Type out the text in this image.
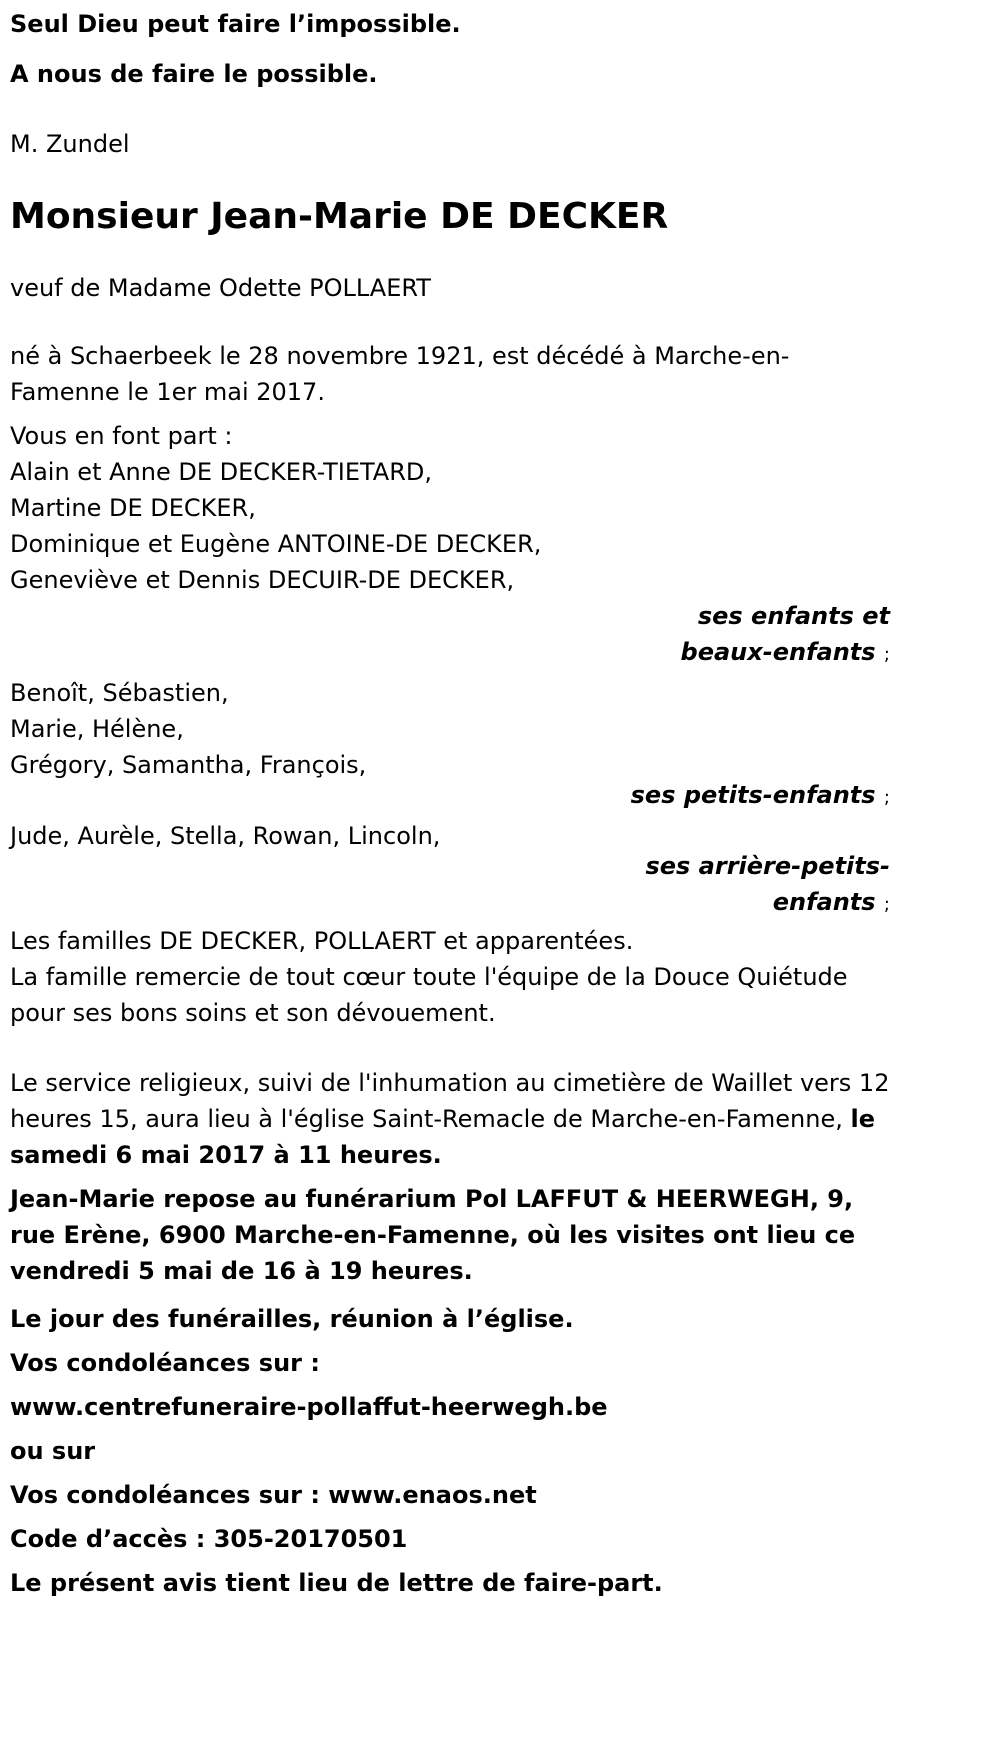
Seul Dieu peut faire l’impossible.

A nous de faire le possible.

M. Zundel

Monsieur Jean-Marie DE DECKER

veuf de Madame Odette POLLAERT

né à Schaerbeek le 28 novembre 1921, est décédé à Marche-en-Famenne le 1er mai 2017.

Vous en font part :

Alain et Anne DE DECKER-TIETARD,
Martine DE DECKER,
Dominique et Eugène ANTOINE-DE DECKER,
Geneviève et Dennis DECUIR-DE DECKER,
ses enfants et
beaux-enfants ;
Benoît, Sébastien,
Marie, Hélène,
Grégory, Samantha, François,
ses petits-enfants ;
Jude, Aurèle, Stella, Rowan, Lincoln,
ses arrière-petits-
enfants ;

Les familles DE DECKER, POLLAERT et apparentées.

La famille remercie de tout cœur toute l'équipe de la Douce Quiétude pour ses bons soins et son dévouement.

Le service religieux, suivi de l'inhumation au cimetière de Waillet vers 12 heures 15, aura lieu à l'église Saint-Remacle de Marche-en-Famenne, le samedi 6 mai 2017 à 11 heures.

Jean-Marie repose au funérarium Pol LAFFUT & HEERWEGH, 9, rue Erène, 6900 Marche-en-Famenne, où les visites ont lieu ce vendredi 5 mai de 16 à 19 heures.

Le jour des funérailles, réunion à l’église.

Vos condoléances sur :

www.centrefuneraire-pollaffut-heerwegh.be

ou sur

Vos condoléances sur : www.enaos.net

Code d’accès : 305-20170501

Le présent avis tient lieu de lettre de faire-part.
